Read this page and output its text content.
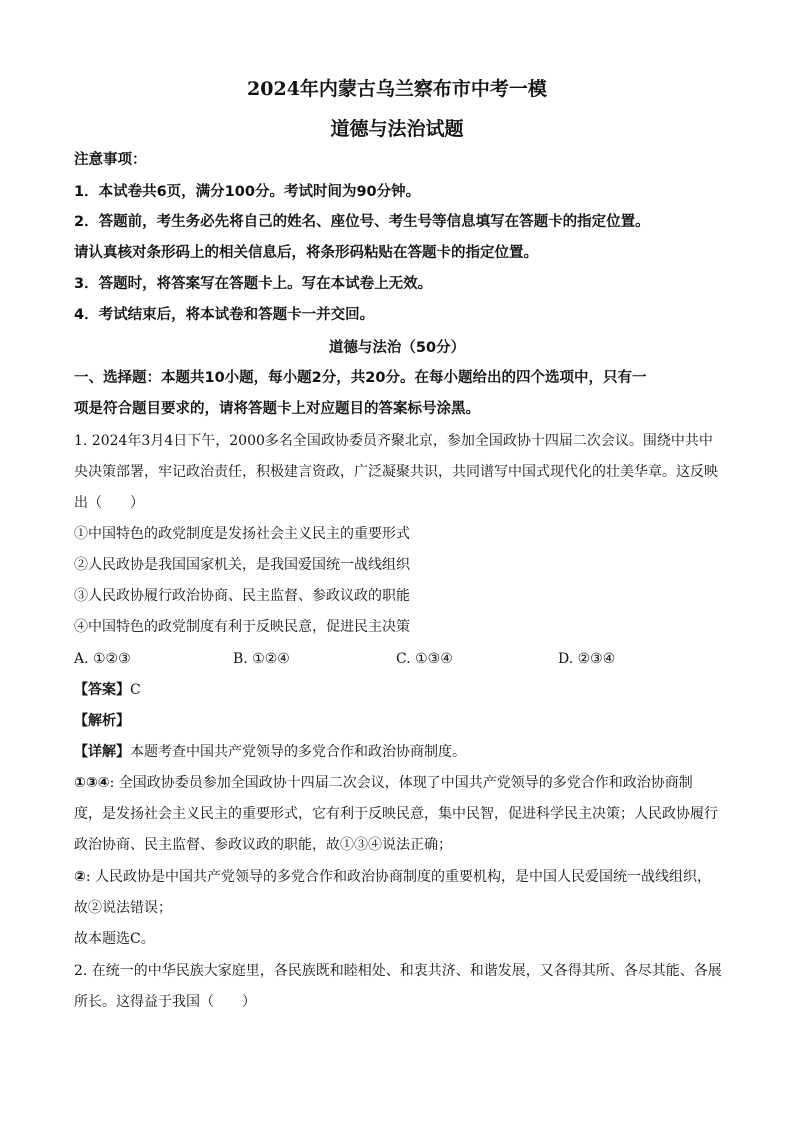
2024年内蒙古乌兰察布市中考一模
道德与法治试题
注意事项：
1．本试卷共6页，满分100分。考试时间为90分钟。
2．答题前，考生务必先将自己的姓名、座位号、考生号等信息填写在答题卡的指定位置。
请认真核对条形码上的相关信息后，将条形码粘贴在答题卡的指定位置。
3．答题时，将答案写在答题卡上。写在本试卷上无效。
4．考试结束后，将本试卷和答题卡一并交回。
道德与法治（50分）
一、选择题：本题共10小题，每小题2分，共20分。在每小题给出的四个选项中，只有一
项是符合题目要求的，请将答题卡上对应题目的答案标号涂黑。
1. 2024年3月4日下午，2000多名全国政协委员齐聚北京，参加全国政协十四届二次会议。围绕中共中
央决策部署，牢记政治责任，积极建言资政，广泛凝聚共识，共同谱写中国式现代化的壮美华章。这反映
出（　　）
①中国特色的政党制度是发扬社会主义民主的重要形式
②人民政协是我国国家机关，是我国爱国统一战线组织
③人民政协履行政治协商、民主监督、参政议政的职能
④中国特色的政党制度有利于反映民意，促进民主决策
A. ①②③	B. ①②④	C. ①③④	D. ②③④
【答案】C
【解析】
【详解】本题考查中国共产党领导的多党合作和政治协商制度。
①③④: 全国政协委员参加全国政协十四届二次会议，体现了中国共产党领导的多党合作和政治协商制
度，是发扬社会主义民主的重要形式，它有利于反映民意，集中民智，促进科学民主决策；人民政协履行
政治协商、民主监督、参政议政的职能，故①③④说法正确；
②: 人民政协是中国共产党领导的多党合作和政治协商制度的重要机构，是中国人民爱国统一战线组织，
故②说法错误；
故本题选C。
2. 在统一的中华民族大家庭里，各民族既和睦相处、和衷共济、和谐发展，又各得其所、各尽其能、各展
所长。这得益于我国（　　）
